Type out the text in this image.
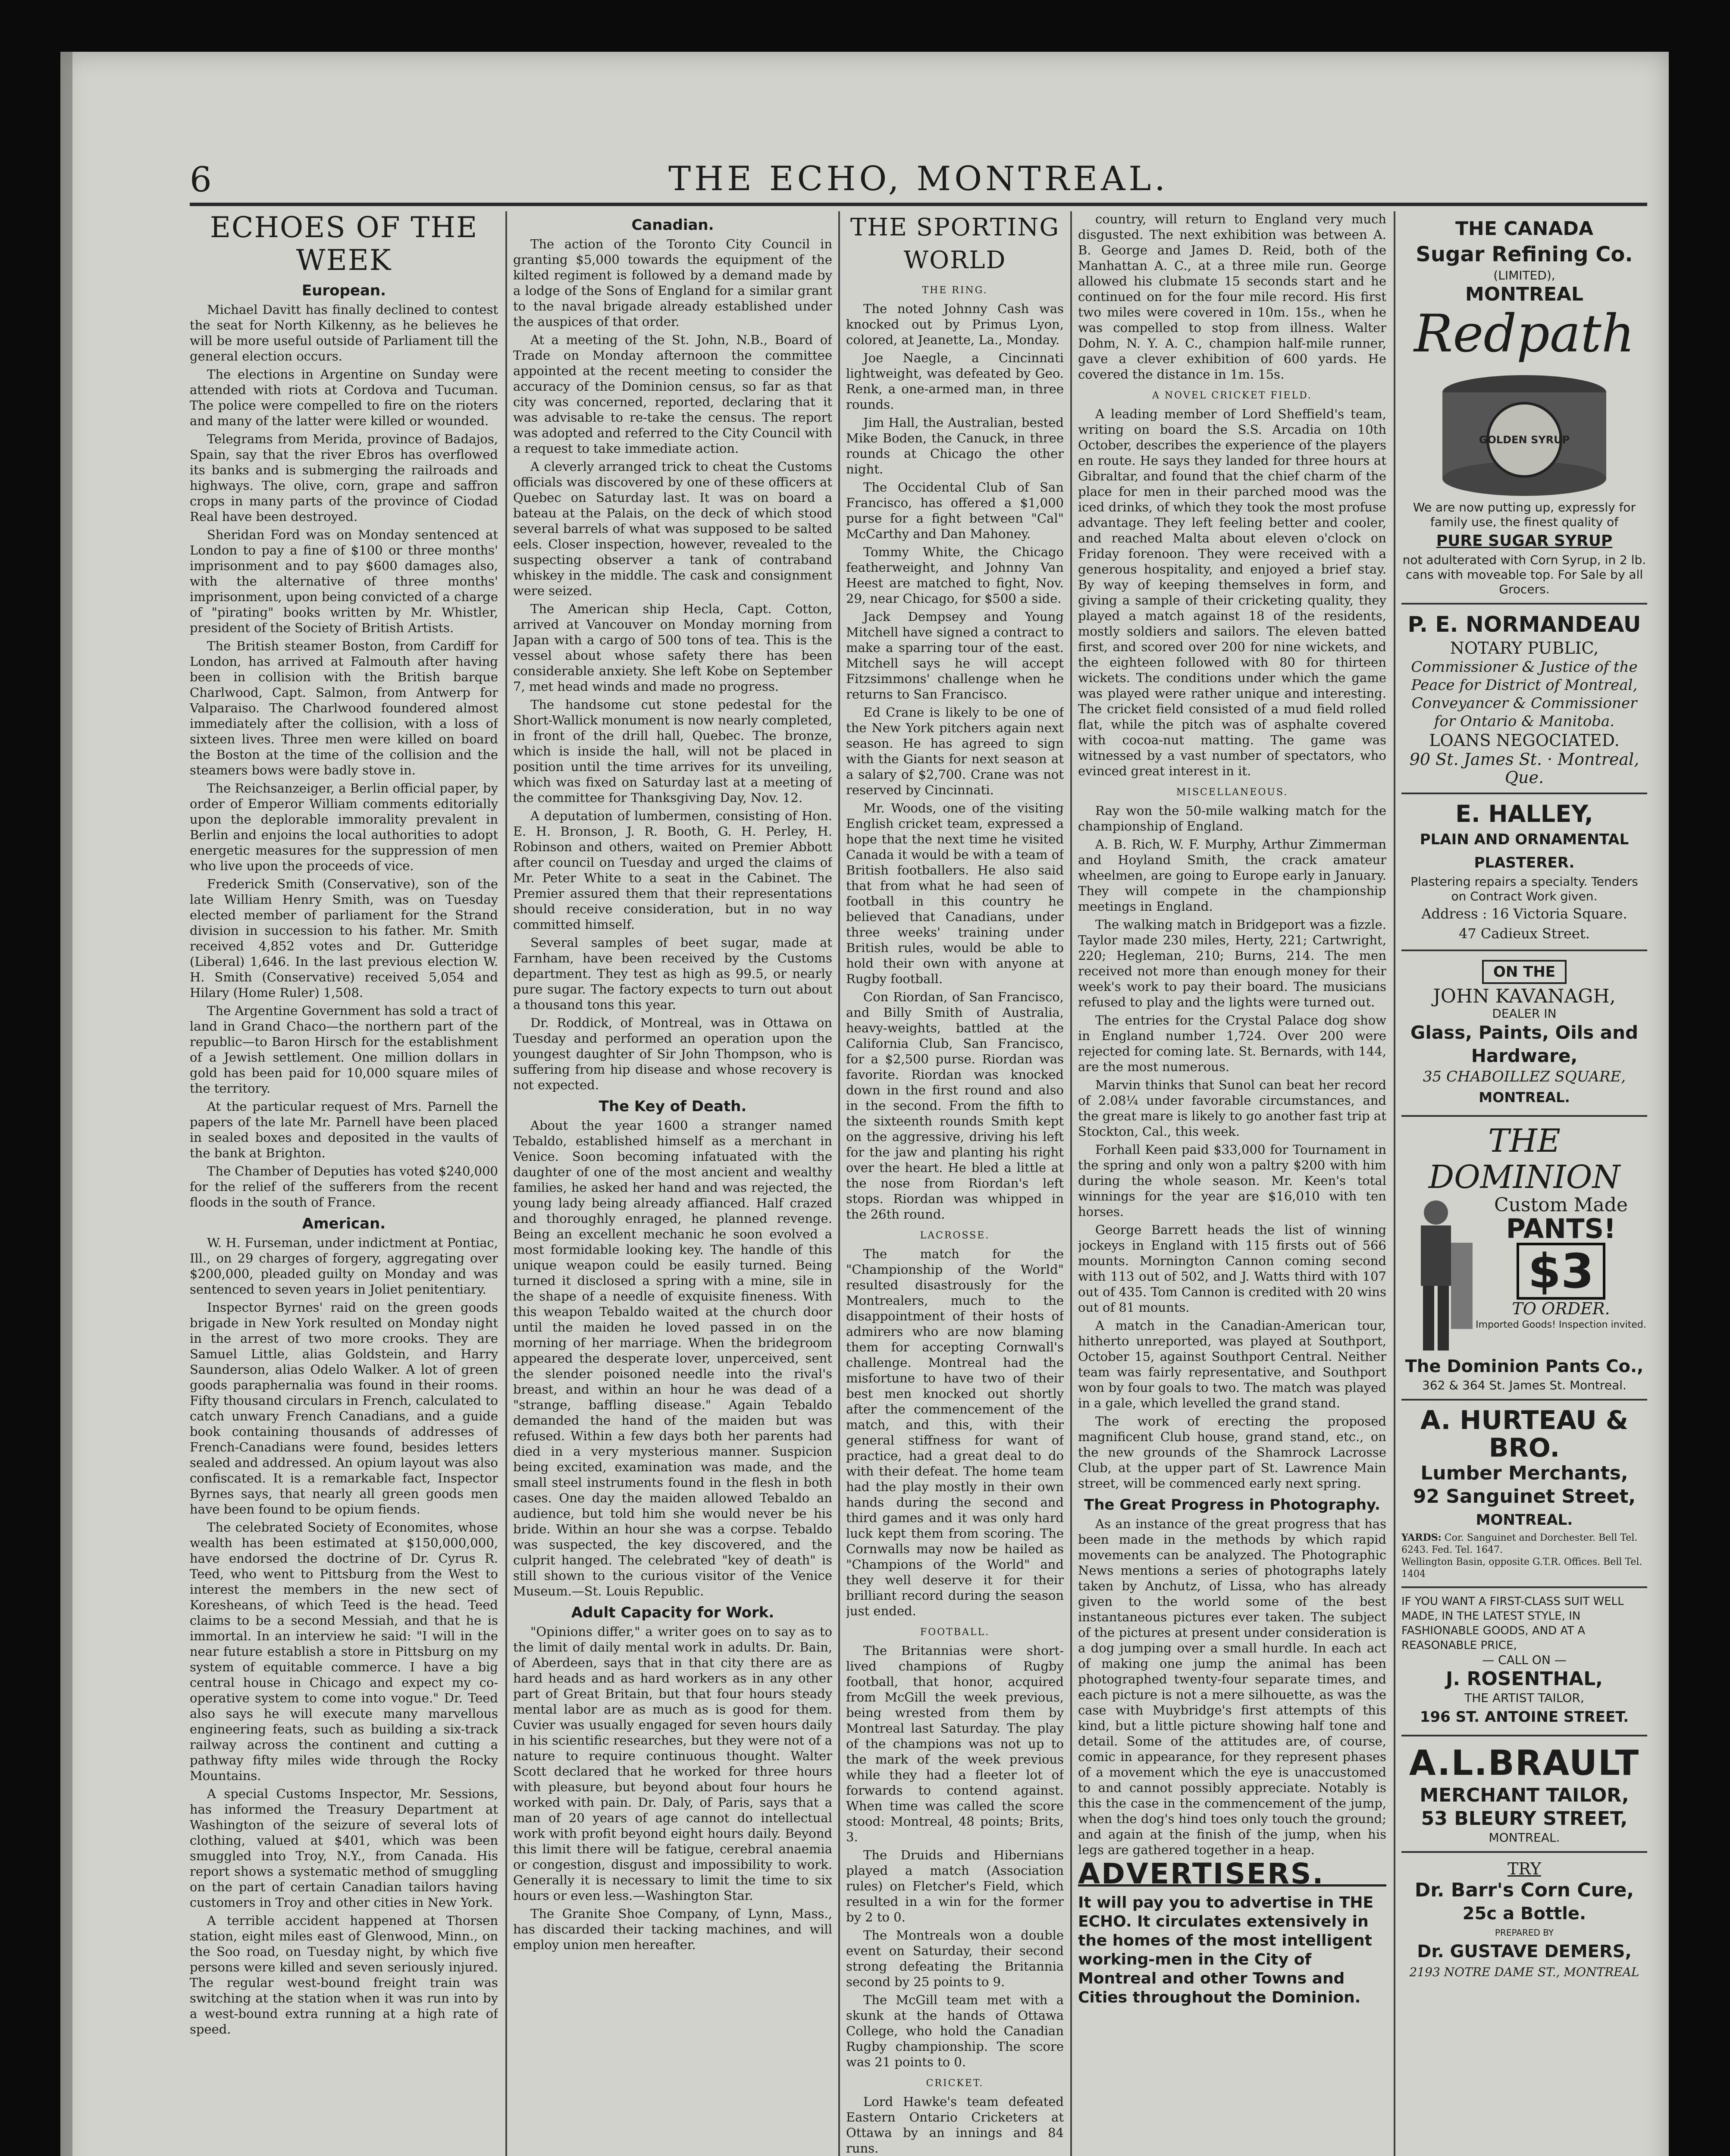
6	THE ECHO, MONTREAL.
ECHOES OF THE WEEK
European.

Michael Davitt has finally declined to contest the seat for North Kilkenny, as he believes he will be more useful outside of Parliament till the general election occurs.

The elections in Argentine on Sunday were attended with riots at Cordova and Tucuman. The police were compelled to fire on the rioters and many of the latter were killed or wounded.

Telegrams from Merida, province of Badajos, Spain, say that the river Ebros has overflowed its banks and is submerging the railroads and highways. The olive, corn, grape and saffron crops in many parts of the province of Ciodad Real have been destroyed.

Sheridan Ford was on Monday sentenced at London to pay a fine of $100 or three months' imprisonment and to pay $600 damages also, with the alternative of three months' imprisonment, upon being convicted of a charge of "pirating" books written by Mr. Whistler, president of the Society of British Artists.

The British steamer Boston, from Cardiff for London, has arrived at Falmouth after having been in collision with the British barque Charlwood, Capt. Salmon, from Antwerp for Valparaiso. The Charlwood foundered almost immediately after the collision, with a loss of sixteen lives. Three men were killed on board the Boston at the time of the collision and the steamers bows were badly stove in.

The Reichsanzeiger, a Berlin official paper, by order of Emperor William comments editorially upon the deplorable immorality prevalent in Berlin and enjoins the local authorities to adopt energetic measures for the suppression of men who live upon the proceeds of vice.

Frederick Smith (Conservative), son of the late William Henry Smith, was on Tuesday elected member of parliament for the Strand division in succession to his father. Mr. Smith received 4,852 votes and Dr. Gutteridge (Liberal) 1,646. In the last previous election W. H. Smith (Conservative) received 5,054 and Hilary (Home Ruler) 1,508.

The Argentine Government has sold a tract of land in Grand Chaco—the northern part of the republic—to Baron Hirsch for the establishment of a Jewish settlement. One million dollars in gold has been paid for 10,000 square miles of the territory.

At the particular request of Mrs. Parnell the papers of the late Mr. Parnell have been placed in sealed boxes and deposited in the vaults of the bank at Brighton.

The Chamber of Deputies has voted $240,000 for the relief of the sufferers from the recent floods in the south of France.

American.

W. H. Furseman, under indictment at Pontiac, Ill., on 29 charges of forgery, aggregating over $200,000, pleaded guilty on Monday and was sentenced to seven years in Joliet penitentiary.

Inspector Byrnes' raid on the green goods brigade in New York resulted on Monday night in the arrest of two more crooks. They are Samuel Little, alias Goldstein, and Harry Saunderson, alias Odelo Walker. A lot of green goods paraphernalia was found in their rooms. Fifty thousand circulars in French, calculated to catch unwary French Canadians, and a guide book containing thousands of addresses of French-Canadians were found, besides letters sealed and addressed. An opium layout was also confiscated. It is a remarkable fact, Inspector Byrnes says, that nearly all green goods men have been found to be opium fiends.

The celebrated Society of Economites, whose wealth has been estimated at $150,000,000, have endorsed the doctrine of Dr. Cyrus R. Teed, who went to Pittsburg from the West to interest the members in the new sect of Koresheans, of which Teed is the head. Teed claims to be a second Messiah, and that he is immortal. In an interview he said: "I will in the near future establish a store in Pittsburg on my system of equitable commerce. I have a big central house in Chicago and expect my co-operative system to come into vogue." Dr. Teed also says he will execute many marvellous engineering feats, such as building a six-track railway across the continent and cutting a pathway fifty miles wide through the Rocky Mountains.

A special Customs Inspector, Mr. Sessions, has informed the Treasury Department at Washington of the seizure of several lots of clothing, valued at $401, which was been smuggled into Troy, N.Y., from Canada. His report shows a systematic method of smuggling on the part of certain Canadian tailors having customers in Troy and other cities in New York.

A terrible accident happened at Thorsen station, eight miles east of Glenwood, Minn., on the Soo road, on Tuesday night, by which five persons were killed and seven seriously injured. The regular west-bound freight train was switching at the station when it was run into by a west-bound extra running at a high rate of speed.

Canadian.

The action of the Toronto City Council in granting $5,000 towards the equipment of the kilted regiment is followed by a demand made by a lodge of the Sons of England for a similar grant to the naval brigade already established under the auspices of that order.

At a meeting of the St. John, N.B., Board of Trade on Monday afternoon the committee appointed at the recent meeting to consider the accuracy of the Dominion census, so far as that city was concerned, reported, declaring that it was advisable to re-take the census. The report was adopted and referred to the City Council with a request to take immediate action.

A cleverly arranged trick to cheat the Customs officials was discovered by one of these officers at Quebec on Saturday last. It was on board a bateau at the Palais, on the deck of which stood several barrels of what was supposed to be salted eels. Closer inspection, however, revealed to the suspecting observer a tank of contraband whiskey in the middle. The cask and consignment were seized.

The American ship Hecla, Capt. Cotton, arrived at Vancouver on Monday morning from Japan with a cargo of 500 tons of tea. This is the vessel about whose safety there has been considerable anxiety. She left Kobe on September 7, met head winds and made no progress.

The handsome cut stone pedestal for the Short-Wallick monument is now nearly completed, in front of the drill hall, Quebec. The bronze, which is inside the hall, will not be placed in position until the time arrives for its unveiling, which was fixed on Saturday last at a meeting of the committee for Thanksgiving Day, Nov. 12.

A deputation of lumbermen, consisting of Hon. E. H. Bronson, J. R. Booth, G. H. Perley, H. Robinson and others, waited on Premier Abbott after council on Tuesday and urged the claims of Mr. Peter White to a seat in the Cabinet. The Premier assured them that their representations should receive consideration, but in no way committed himself.

Several samples of beet sugar, made at Farnham, have been received by the Customs department. They test as high as 99.5, or nearly pure sugar. The factory expects to turn out about a thousand tons this year.

Dr. Roddick, of Montreal, was in Ottawa on Tuesday and performed an operation upon the youngest daughter of Sir John Thompson, who is suffering from hip disease and whose recovery is not expected.

The Key of Death.

About the year 1600 a stranger named Tebaldo, established himself as a merchant in Venice. Soon becoming infatuated with the daughter of one of the most ancient and wealthy families, he asked her hand and was rejected, the young lady being already affianced. Half crazed and thoroughly enraged, he planned revenge. Being an excellent mechanic he soon evolved a most formidable looking key. The handle of this unique weapon could be easily turned. Being turned it disclosed a spring with a mine, sile in the shape of a needle of exquisite fineness. With this weapon Tebaldo waited at the church door until the maiden he loved passed in on the morning of her marriage. When the bridegroom appeared the desperate lover, unperceived, sent the slender poisoned needle into the rival's breast, and within an hour he was dead of a "strange, baffling disease." Again Tebaldo demanded the hand of the maiden but was refused. Within a few days both her parents had died in a very mysterious manner. Suspicion being excited, examination was made, and the small steel instruments found in the flesh in both cases. One day the maiden allowed Tebaldo an audience, but told him she would never be his bride. Within an hour she was a corpse. Tebaldo was suspected, the key discovered, and the culprit hanged. The celebrated "key of death" is still shown to the curious visitor of the Venice Museum.—St. Louis Republic.

Adult Capacity for Work.

"Opinions differ," a writer goes on to say as to the limit of daily mental work in adults. Dr. Bain, of Aberdeen, says that in that city there are as hard heads and as hard workers as in any other part of Great Britain, but that four hours steady mental labor are as much as is good for them. Cuvier was usually engaged for seven hours daily in his scientific researches, but they were not of a nature to require continuous thought. Walter Scott declared that he worked for three hours with pleasure, but beyond about four hours he worked with pain. Dr. Daly, of Paris, says that a man of 20 years of age cannot do intellectual work with profit beyond eight hours daily. Beyond this limit there will be fatigue, cerebral anaemia or congestion, disgust and impossibility to work. Generally it is necessary to limit the time to six hours or even less.—Washington Star.

The Granite Shoe Company, of Lynn, Mass., has discarded their tacking machines, and will employ union men hereafter.

THE SPORTING WORLD
THE RING.

The noted Johnny Cash was knocked out by Primus Lyon, colored, at Jeanette, La., Monday.

Joe Naegle, a Cincinnati lightweight, was defeated by Geo. Renk, a one-armed man, in three rounds.

Jim Hall, the Australian, bested Mike Boden, the Canuck, in three rounds at Chicago the other night.

The Occidental Club of San Francisco, has offered a $1,000 purse for a fight between "Cal" McCarthy and Dan Mahoney.

Tommy White, the Chicago featherweight, and Johnny Van Heest are matched to fight, Nov. 29, near Chicago, for $500 a side.

Jack Dempsey and Young Mitchell have signed a contract to make a sparring tour of the east. Mitchell says he will accept Fitzsimmons' challenge when he returns to San Francisco.

Ed Crane is likely to be one of the New York pitchers again next season. He has agreed to sign with the Giants for next season at a salary of $2,700. Crane was not reserved by Cincinnati.

Mr. Woods, one of the visiting English cricket team, expressed a hope that the next time he visited Canada it would be with a team of British footballers. He also said that from what he had seen of football in this country he believed that Canadians, under three weeks' training under British rules, would be able to hold their own with anyone at Rugby football.

Con Riordan, of San Francisco, and Billy Smith of Australia, heavy-weights, battled at the California Club, San Francisco, for a $2,500 purse. Riordan was favorite. Riordan was knocked down in the first round and also in the second. From the fifth to the sixteenth rounds Smith kept on the aggressive, driving his left for the jaw and planting his right over the heart. He bled a little at the nose from Riordan's left stops. Riordan was whipped in the 26th round.

LACROSSE.

The match for the "Championship of the World" resulted disastrously for the Montrealers, much to the disappointment of their hosts of admirers who are now blaming them for accepting Cornwall's challenge. Montreal had the misfortune to have two of their best men knocked out shortly after the commencement of the match, and this, with their general stiffness for want of practice, had a great deal to do with their defeat. The home team had the play mostly in their own hands during the second and third games and it was only hard luck kept them from scoring. The Cornwalls may now be hailed as "Champions of the World" and they well deserve it for their brilliant record during the season just ended.

FOOTBALL.

The Britannias were short-lived champions of Rugby football, that honor, acquired from McGill the week previous, being wrested from them by Montreal last Saturday. The play of the champions was not up to the mark of the week previous while they had a fleeter lot of forwards to contend against. When time was called the score stood: Montreal, 48 points; Brits, 3.

The Druids and Hibernians played a match (Association rules) on Fletcher's Field, which resulted in a win for the former by 2 to 0.

The Montreals won a double event on Saturday, their second strong defeating the Britannia second by 25 points to 9.

The McGill team met with a skunk at the hands of Ottawa College, who hold the Canadian Rugby championship. The score was 21 points to 0.

CRICKET.

Lord Hawke's team defeated Eastern Ontario Cricketers at Ottawa by an innings and 84 runs.

country, will return to England very much disgusted. The next exhibition was between A. B. George and James D. Reid, both of the Manhattan A. C., at a three mile run. George allowed his clubmate 15 seconds start and he continued on for the four mile record. His first two miles were covered in 10m. 15s., when he was compelled to stop from illness. Walter Dohm, N. Y. A. C., champion half-mile runner, gave a clever exhibition of 600 yards. He covered the distance in 1m. 15s.

A NOVEL CRICKET FIELD.

A leading member of Lord Sheffield's team, writing on board the S.S. Arcadia on 10th October, describes the experience of the players en route. He says they landed for three hours at Gibraltar, and found that the chief charm of the place for men in their parched mood was the iced drinks, of which they took the most profuse advantage. They left feeling better and cooler, and reached Malta about eleven o'clock on Friday forenoon. They were received with a generous hospitality, and enjoyed a brief stay. By way of keeping themselves in form, and giving a sample of their cricketing quality, they played a match against 18 of the residents, mostly soldiers and sailors. The eleven batted first, and scored over 200 for nine wickets, and the eighteen followed with 80 for thirteen wickets. The conditions under which the game was played were rather unique and interesting. The cricket field consisted of a mud field rolled flat, while the pitch was of asphalte covered with cocoa-nut matting. The game was witnessed by a vast number of spectators, who evinced great interest in it.

MISCELLANEOUS.

Ray won the 50-mile walking match for the championship of England.

A. B. Rich, W. F. Murphy, Arthur Zimmerman and Hoyland Smith, the crack amateur wheelmen, are going to Europe early in January. They will compete in the championship meetings in England.

The walking match in Bridgeport was a fizzle. Taylor made 230 miles, Herty, 221; Cartwright, 220; Hegleman, 210; Burns, 214. The men received not more than enough money for their week's work to pay their board. The musicians refused to play and the lights were turned out.

The entries for the Crystal Palace dog show in England number 1,724. Over 200 were rejected for coming late. St. Bernards, with 144, are the most numerous.

Marvin thinks that Sunol can beat her record of 2.08¼ under favorable circumstances, and the great mare is likely to go another fast trip at Stockton, Cal., this week.

Forhall Keen paid $33,000 for Tournament in the spring and only won a paltry $200 with him during the whole season. Mr. Keen's total winnings for the year are $16,010 with ten horses.

George Barrett heads the list of winning jockeys in England with 115 firsts out of 566 mounts. Mornington Cannon coming second with 113 out of 502, and J. Watts third with 107 out of 435. Tom Cannon is credited with 20 wins out of 81 mounts.

A match in the Canadian-American tour, hitherto unreported, was played at Southport, October 15, against Southport Central. Neither team was fairly representative, and Southport won by four goals to two. The match was played in a gale, which levelled the grand stand.

The work of erecting the proposed magnificent Club house, grand stand, etc., on the new grounds of the Shamrock Lacrosse Club, at the upper part of St. Lawrence Main street, will be commenced early next spring.

The Great Progress in Photography.

As an instance of the great progress that has been made in the methods by which rapid movements can be analyzed. The Photographic News mentions a series of photographs lately taken by Anchutz, of Lissa, who has already given to the world some of the best instantaneous pictures ever taken. The subject of the pictures at present under consideration is a dog jumping over a small hurdle. In each act of making one jump the animal has been photographed twenty-four separate times, and each picture is not a mere silhouette, as was the case with Muybridge's first attempts of this kind, but a little picture showing half tone and detail. Some of the attitudes are, of course, comic in appearance, for they represent phases of a movement which the eye is unaccustomed to and cannot possibly appreciate. Notably is this the case in the commencement of the jump, when the dog's hind toes only touch the ground; and again at the finish of the jump, when his legs are gathered together in a heap.

ADVERTISERS.
It will pay you to advertise in THE ECHO. It circulates extensively in the homes of the most intelligent working-men in the City of Montreal and other Towns and Cities throughout the Dominion.
THE CANADA
Sugar Refining Co.
(LIMITED),
MONTREAL
Redpath
GOLDEN SYRUP
We are now putting up, expressly for family use, the finest quality of
PURE SUGAR SYRUP
not adulterated with Corn Syrup, in 2 lb. cans with moveable top. For Sale by all Grocers.
P. E. NORMANDEAU
NOTARY PUBLIC,
Commissioner & Justice of the Peace for District of Montreal, Conveyancer & Commissioner for Ontario & Manitoba.
LOANS NEGOCIATED.
90 St. James St. · Montreal, Que.
E. HALLEY,
PLAIN AND ORNAMENTAL PLASTERER.
Plastering repairs a specialty. Tenders on Contract Work given.
Address : 16 Victoria Square.
47 Cadieux Street.
ON THE
JOHN KAVANAGH,
DEALER IN
Glass, Paints, Oils and Hardware,
35 CHABOILLEZ SQUARE,
MONTREAL.
THE DOMINION
Custom Made
PANTS!
$3
TO ORDER.
Imported Goods! Inspection invited.
The Dominion Pants Co.,
362 & 364 St. James St. Montreal.
A. HURTEAU & BRO.
Lumber Merchants,
92 Sanguinet Street,
MONTREAL.
YARDS: Cor. Sanguinet and Dorchester. Bell Tel. 6243. Fed. Tel. 1647.
Wellington Basin, opposite G.T.R. Offices. Bell Tel. 1404
IF YOU WANT A FIRST-CLASS SUIT WELL MADE, IN THE LATEST STYLE, IN FASHIONABLE GOODS, AND AT A REASONABLE PRICE,
— CALL ON —
J. ROSENTHAL,
THE ARTIST TAILOR,
196 ST. ANTOINE STREET.
A.L.BRAULT
MERCHANT TAILOR,
53 BLEURY STREET,
MONTREAL.
TRY
Dr. Barr's Corn Cure,
25c a Bottle.
PREPARED BY
Dr. GUSTAVE DEMERS,
2193 NOTRE DAME ST., MONTREAL
